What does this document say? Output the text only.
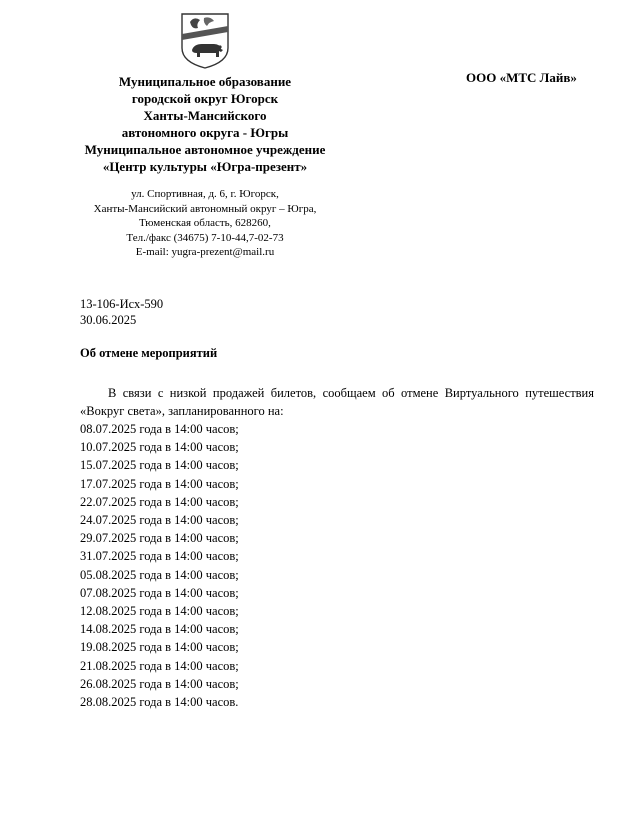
ООО «МТС Лайв»
Муниципальное образование
городской округ Югорск
Ханты-Мансийского
автономного округа - Югры
Муниципальное автономное учреждение
«Центр культуры «Югра-презент»
ул. Спортивная, д. 6, г. Югорск,
Ханты-Мансийский автономный округ – Югра,
Тюменская область, 628260,
Тел./факс (34675) 7-10-44,7-02-73
E-mail: yugra-prezent@mail.ru
13-106-Исх-590
30.06.2025
Об отмене мероприятий

В связи с низкой продажей билетов, сообщаем об отмене Виртуального путешествия «Вокруг света», запланированного на:

08.07.2025 года в 14:00 часов;
10.07.2025 года в 14:00 часов;
15.07.2025 года в 14:00 часов;
17.07.2025 года в 14:00 часов;
22.07.2025 года в 14:00 часов;
24.07.2025 года в 14:00 часов;
29.07.2025 года в 14:00 часов;
31.07.2025 года в 14:00 часов;
05.08.2025 года в 14:00 часов;
07.08.2025 года в 14:00 часов;
12.08.2025 года в 14:00 часов;
14.08.2025 года в 14:00 часов;
19.08.2025 года в 14:00 часов;
21.08.2025 года в 14:00 часов;
26.08.2025 года в 14:00 часов;
28.08.2025 года в 14:00 часов.
